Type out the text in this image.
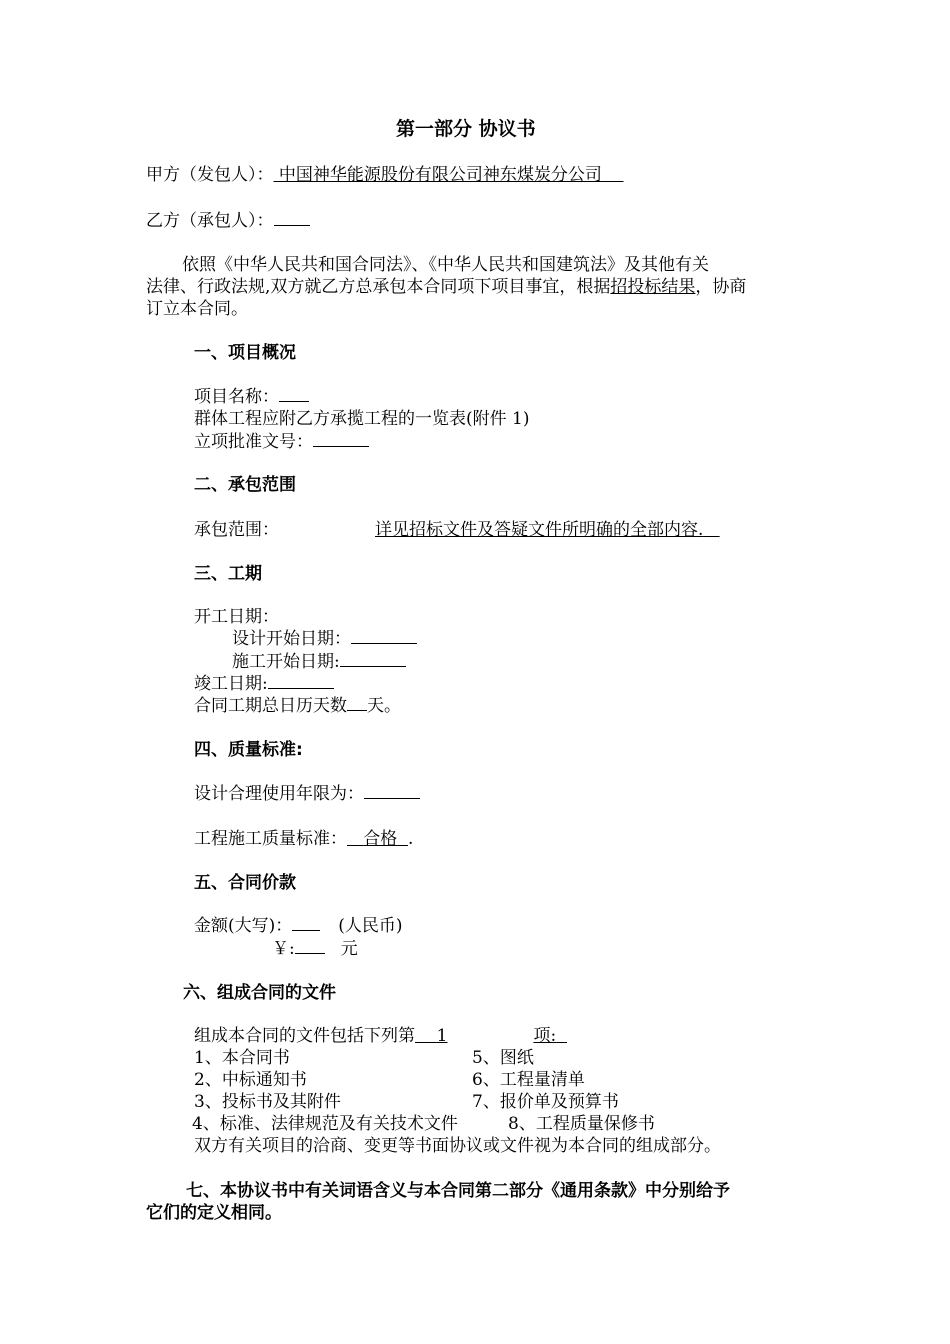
第一部分 协议书
甲方（发包人）： 中国神华能源股份有限公司神东煤炭分公司
乙方（承包人）：
依照《中华人民共和国合同法》、《中华人民共和国建筑法》及其他有关
法律、行政法规,双方就乙方总承包本合同项下项目事宜，根据招投标结果，协商
订立本合同。
一、项目概况
项目名称：
群体工程应附乙方承揽工程的一览表(附件 1)
立项批准文号：
二、承包范围
承包范围：	详见招标文件及答疑文件所明确的全部内容.
三、工期
开工日期：
设计开始日期：
施工开始日期:
竣工日期:
合同工期总日历天数 天。
四、质量标准:
设计合理使用年限为：
工程施工质量标准： 合格 .
五、合同价款
金额(大写)：	(人民币)
￥:	元
六、组成合同的文件
组成本合同的文件包括下列第 1	项:
1、本合同书	5、图纸
2、中标通知书	6、工程量清单
3、投标书及其附件	7、报价单及预算书
4、标准、法律规范及有关技术文件	8、工程质量保修书
双方有关项目的洽商、变更等书面协议或文件视为本合同的组成部分。
七、本协议书中有关词语含义与本合同第二部分《通用条款》中分别给予
它们的定义相同。
